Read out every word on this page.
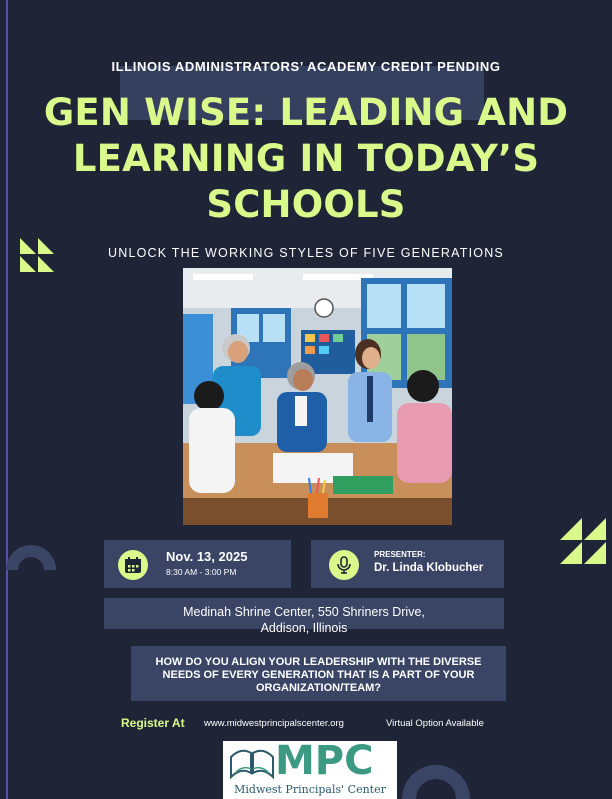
ILLINOIS ADMINISTRATORS’ ACADEMY CREDIT PENDING
GEN WISE: LEADING AND LEARNING IN TODAY’S SCHOOLS
UNLOCK THE WORKING STYLES OF FIVE GENERATIONS
Nov. 13, 2025
8:30 AM - 3:00 PM
PRESENTER:
Dr. Linda Klobucher
Medinah Shrine Center, 550 Shriners Drive,
Addison, Illinois
HOW DO YOU ALIGN YOUR LEADERSHIP WITH THE DIVERSE NEEDS OF EVERY GENERATION THAT IS A PART OF YOUR ORGANIZATION/TEAM?
Register At www.midwestprincipalscenter.org	Virtual Option Available
MPC
Midwest Principals' Center
